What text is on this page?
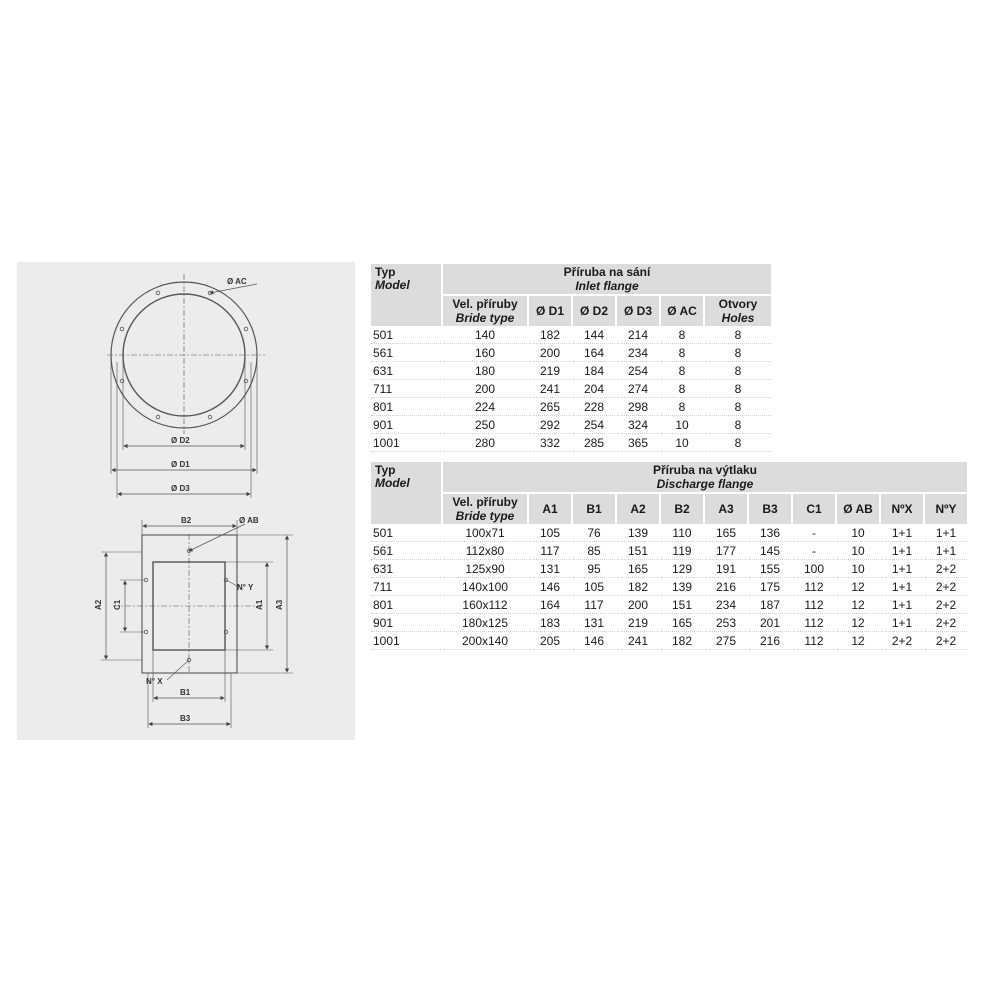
Ø AC
Ø D2
Ø D1
Ø D3
Ø AB
B2
A2 C1	A1 A3
N° Y
N° X
B1
B3
Typ
Model	Příruba na sání
Inlet flange					

	Vel. příruby
Bride type	Ø D1	Ø D2	Ø D3	Ø AC	Otvory
Holes

501	140	182	144	214	8	8
561	160	200	164	234	8	8
631	180	219	184	254	8	8
711	200	241	204	274	8	8
801	224	265	228	298	8	8
901	250	292	254	324	10	8
1001	280	332	285	365	10	8
Typ
Model	Příruba na výtlaku
Discharge flange										

	Vel. příruby
Bride type	A1	B1	A2	B2	A3	B3	C1	Ø AB	NºX	NºY
501	100x71	105	76	139	110	165	136	-	10	1+1	1+1
561	112x80	117	85	151	119	177	145	-	10	1+1	1+1
631	125x90	131	95	165	129	191	155	100	10	1+1	2+2
711	140x100	146	105	182	139	216	175	112	12	1+1	2+2
801	160x112	164	117	200	151	234	187	112	12	1+1	2+2
901	180x125	183	131	219	165	253	201	112	12	1+1	2+2
1001	200x140	205	146	241	182	275	216	112	12	2+2	2+2
